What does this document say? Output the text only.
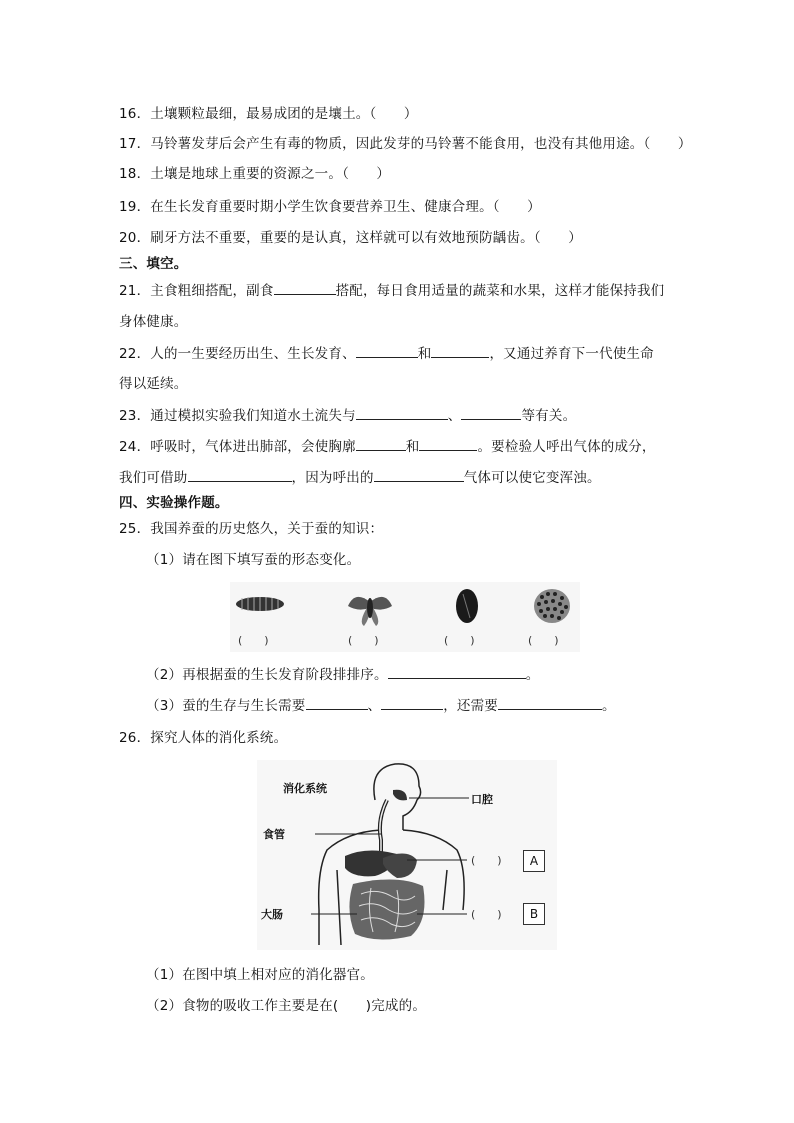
16．土壤颗粒最细，最易成团的是壤土。（　　）
17．马铃薯发芽后会产生有毒的物质，因此发芽的马铃薯不能食用，也没有其他用途。（　　）
18．土壤是地球上重要的资源之一。（　　）
19．在生长发育重要时期小学生饮食要营养卫生、健康合理。（　　）
20．刷牙方法不重要，重要的是认真，这样就可以有效地预防龋齿。（　　）
三、填空。
21．主食粗细搭配，副食	搭配，每日食用适量的蔬菜和水果，这样才能保持我们
身体健康。
22．人的一生要经历出生、生长发育、	和	，又通过养育下一代使生命
得以延续。
23．通过模拟实验我们知道水土流失与	、	等有关。
24．呼吸时，气体进出肺部，会使胸廓	和	。要检验人呼出气体的成分，
我们可借助	，因为呼出的	气体可以使它变浑浊。
四、实验操作题。
25．我国养蚕的历史悠久，关于蚕的知识：
（1）请在图下填写蚕的形态变化。
(　　)	(　　)	(　　)	(　　)
（2）再根据蚕的生长发育阶段排排序。	。
（3）蚕的生存与生长需要	、	，还需要	。
26．探究人体的消化系统。
消化系统
口腔
食管
大肠
(　　)
(　　)
A
B
（1）在图中填上相对应的消化器官。
（2）食物的吸收工作主要是在(　　)完成的。
